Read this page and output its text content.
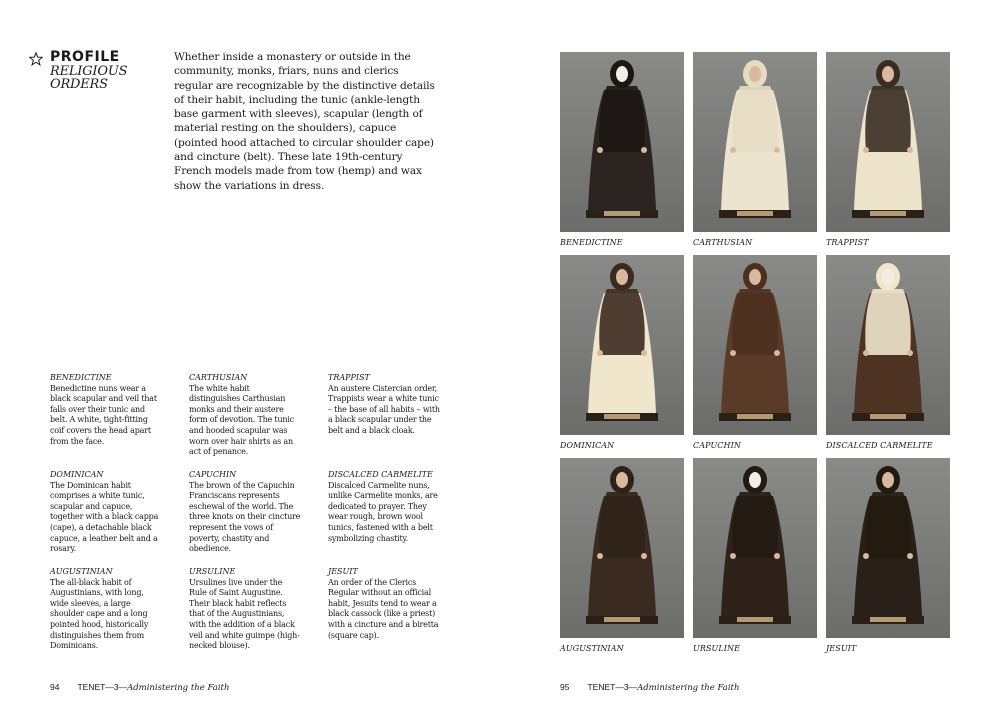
PROFILE
RELIGIOUS ORDERS
Whether inside a monastery or outside in the community, monks, friars, nuns and clerics regular are recognizable by the distinctive details of their habit, including the tunic (ankle-length base garment with sleeves), scapular (length of material resting on the shoulders), capuce (pointed hood attached to circular shoulder cape) and cincture (belt). These late 19th-century French models made from tow (hemp) and wax show the variations in dress.
BENEDICTINE
Benedictine nuns wear a black scapular and veil that falls over their tunic and belt. A white, tight-fitting coif covers the head apart from the face.
CARTHUSIAN
The white habit distinguishes Carthusian monks and their austere form of devotion. The tunic and hooded scapular was worn over hair shirts as an act of penance.
TRAPPIST
An austere Cistercian order, Trappists wear a white tunic – the base of all habits – with a black scapular under the belt and a black cloak.
DOMINICAN
The Dominican habit comprises a white tunic, scapular and capuce, together with a black cappa (cape), a detachable black capuce, a leather belt and a rosary.
CAPUCHIN
The brown of the Capuchin Franciscans represents eschewal of the world. The three knots on their cincture represent the vows of poverty, chastity and obedience.
DISCALCED CARMELITE
Discalced Carmelite nuns, unlike Carmelite monks, are dedicated to prayer. They wear rough, brown wool tunics, fastened with a belt symbolizing chastity.
AUGUSTINIAN
The all-black habit of Augustinians, with long, wide sleeves, a large shoulder cape and a long pointed hood, historically distinguishes them from Dominicans.
URSULINE
Ursulines live under the Rule of Saint Augustine. Their black habit reflects that of the Augustinians, with the addition of a black veil and white guimpe (high-necked blouse).
JESUIT
An order of the Clerics Regular without an official habit, Jesuits tend to wear a black cassock (like a priest) with a cincture and a biretta (square cap).
94 TENET—3—Administering the Faith
BENEDICTINE	CARTHUSIAN	TRAPPIST
DOMINICAN	CAPUCHIN	DISCALCED CARMELITE
AUGUSTINIAN	URSULINE	JESUIT
95 TENET—3—Administering the Faith
